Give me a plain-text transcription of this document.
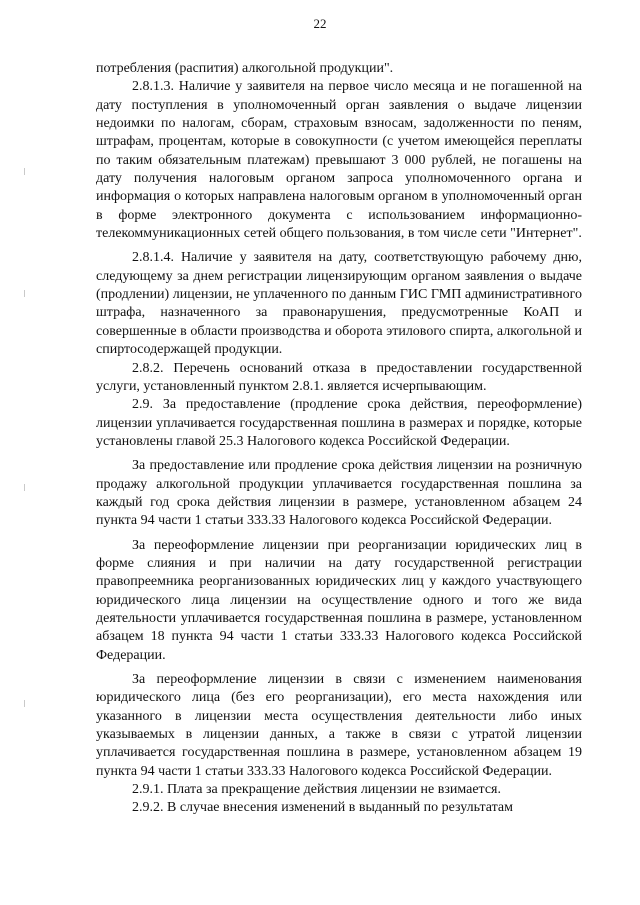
22

потребления (распития) алкогольной продукции".

2.8.1.3. Наличие у заявителя на первое число месяца и не погашенной на дату поступления в уполномоченный орган заявления о выдаче лицензии недоимки по налогам, сборам, страховым взносам, задолженности по пеням, штрафам, процентам, которые в совокупности (с учетом имеющейся переплаты по таким обязательным платежам) превышают 3 000 рублей, не погашены на дату получения налоговым органом запроса уполномоченного органа и информация о которых направлена налоговым органом в уполномоченный орган в форме электронного документа с использованием информационно-телекоммуникационных сетей общего пользования, в том числе сети "Интернет".

2.8.1.4. Наличие у заявителя на дату, соответствующую рабочему дню, следующему за днем регистрации лицензирующим органом заявления о выдаче (продлении) лицензии, не уплаченного по данным ГИС ГМП административного штрафа, назначенного за правонарушения, предусмотренные КоАП и совершенные в области производства и оборота этилового спирта, алкогольной и спиртосодержащей продукции.

2.8.2. Перечень оснований отказа в предоставлении государственной услуги, установленный пунктом 2.8.1. является исчерпывающим.

2.9. За предоставление (продление срока действия, переоформление) лицензии уплачивается государственная пошлина в размерах и порядке, которые установлены главой 25.3 Налогового кодекса Российской Федерации.

За предоставление или продление срока действия лицензии на розничную продажу алкогольной продукции уплачивается государственная пошлина за каждый год срока действия лицензии в размере, установленном абзацем 24 пункта 94 части 1 статьи 333.33 Налогового кодекса Российской Федерации.

За переоформление лицензии при реорганизации юридических лиц в форме слияния и при наличии на дату государственной регистрации правопреемника реорганизованных юридических лиц у каждого участвующего юридического лица лицензии на осуществление одного и того же вида деятельности уплачивается государственная пошлина в размере, установленном абзацем 18 пункта 94 части 1 статьи 333.33 Налогового кодекса Российской Федерации.

За переоформление лицензии в связи с изменением наименования юридического лица (без его реорганизации), его места нахождения или указанного в лицензии места осуществления деятельности либо иных указываемых в лицензии данных, а также в связи с утратой лицензии уплачивается государственная пошлина в размере, установленном абзацем 19 пункта 94 части 1 статьи 333.33 Налогового кодекса Российской Федерации.

2.9.1. Плата за прекращение действия лицензии не взимается.

2.9.2. В случае внесения изменений в выданный по результатам
